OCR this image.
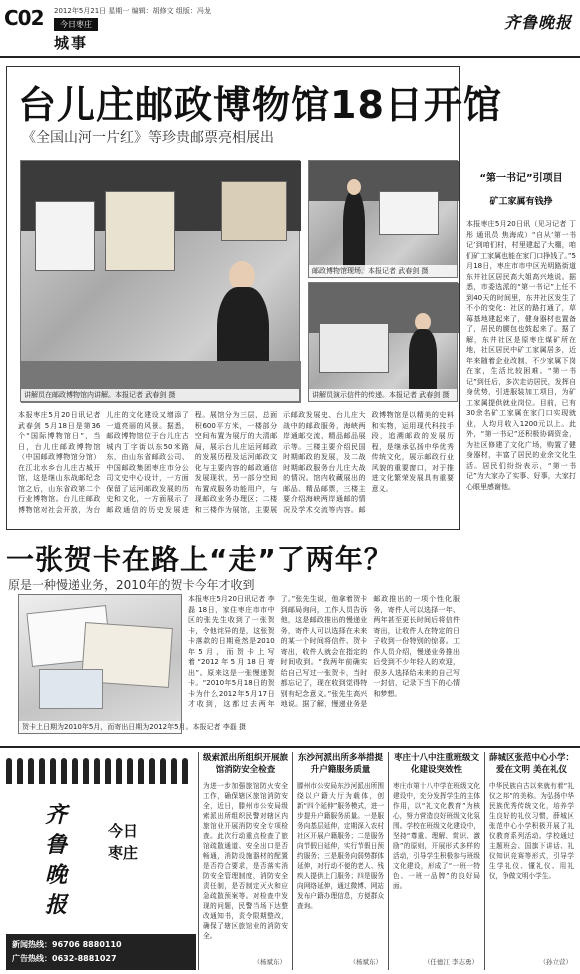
C02 2012年5月21日 星期一 编辑：胡修文 组版：冯龙
今日枣庄
城事
齐鲁晚报
台儿庄邮政博物馆18日开馆
《全国山河一片红》等珍贵邮票亮相展出
讲解员在邮政博物馆内讲解。本报记者 武春剑 摄
邮政博物馆现场。本报记者 武春剑 摄
讲解员演示信件的传递。本报记者 武春剑 摄
本报枣庄5月20日讯记者 武春剑 5月18日是第36个“国际博物馆日”，当日，台儿庄邮政博物馆（中国邮政博物馆分馆）在江北水乡台儿庄古城开馆，这是继山东战邮纪念馆之后，山东省政第二个行业博物馆。台儿庄邮政博物馆对社会开放，为台儿庄的文化建设又增添了一道亮丽的风景。据悉，邮政博物馆位于台儿庄古城内丁字街以东50米路东，由山东省邮政公司、中国邮政集团枣庄市分公司文史中心设计，一方面保留了运河邮政发展的历史和文化，一方面展示了邮政通信的历史发展进程。展馆分为三层，总面积600平方米，一楼部分空间布置为展厅的大清邮局，展示台儿庄运河邮政的发展历程及运河邮政文化与主要内容的邮政通信发展现状，另一部分空间布置成服务功能用户，与现邮政业务办理区；二楼和三楼作为展馆，主要展示邮政发展史、台儿庄大战中的邮政服务，海峡两岸通邮交流、精品邮品展示等。三楼主要介绍民国时期邮政的发展，及二战时期邮政服务台儿庄大战的情况。馆内收藏展出的邮品、精品邮票，三楼主要介绍海峡两岸通邮的情况及学术交流等内容。邮政博物馆是以精美的史料和实物，运用现代科技手段，追溯邮政的发展历程，是继承弘扬中华优秀传统文化，展示邮政行业风貌的重要窗口，对于推进文化繁荣发展具有重要意义。
“第一书记”引项目
矿工家属有钱挣
本报枣庄5月20日讯（见习记者 丁彤 通讯员 焦海成）“自从‘第一书记’到咱们村，村里建起了大棚，咱们矿工家属也能在家门口挣钱了。”5月18日，枣庄市市中区光明路街道东井社区居民高大姐高兴地说。据悉，市委选派的“第一书记”上任不到40天的时间里，东井社区发生了不小的变化：社区的路打通了，草莓基地建起来了，健身器材也置备了，居民的腰包也鼓起来了。据了解，东井社区是原枣庄煤矿所在地，社区居民中矿工家属居多，近年来随着企业改制，不少家属下岗在家，生活比较困难。“第一书记”到任后，多次走访居民，发挥自身优势，引进服装加工项目，为矿工家属提供就业岗位。目前，已有30余名矿工家属在家门口实现就业，人均月收入1200元以上。此外，“第一书记”还积极协调资金，为社区修建了文化广场，购置了健身器材，丰富了居民的业余文化生活。居民们纷纷表示，“第一书记”为大家办了实事、好事，大家打心眼里感谢他。
一张贺卡在路上“走”了两年？
原是一种慢递业务，2010年的贺卡今年才收到
贺卡上日期为2010年5月，而寄出日期为2012年5月。本报记者 李磊 摄
本报枣庄5月20日讯记者 李磊 18日，家住枣庄市市中区的张先生收到了一张贺卡，令他诧异的是，这张贺卡落款的日期竟然是2010年5月，而贺卡上写着“2012年5月18日寄出”。原来这是一张慢递贺卡。“2010年5月18日的贺卡为什么2012年5月17日才收到，这都过去两年了。”张先生说，他拿着贺卡到邮局询问，工作人员告诉他，这是邮政推出的慢递业务，寄件人可以选择在未来的某一个时间将信件、贺卡寄出，收件人就会在指定的时间收到。“我两年前确实给自己写过一张贺卡，当时都忘记了，现在收到觉得特别有纪念意义。”张先生高兴地说。据了解，慢递业务是邮政推出的一项个性化服务，寄件人可以选择一年、两年甚至更长时间后将信件寄出，让收件人在特定的日子收到一份特别的惊喜。工作人员介绍，慢递业务推出后受到不少年轻人的欢迎，很多人选择给未来的自己写一封信，记录下当下的心情和梦想。
齐鲁晚报
今日枣庄
新闻热线：96706 8880110
广告热线：0632-8881027
级索派出所组织开展旅馆消防安全检查
为进一步加强旅馆防火安全工作，确保辖区旅馆消防安全，近日，滕州市公安局级索派出所组织民警对辖区内旅馆业开展消防安全专项检查。此次行动重点检查了旅馆疏散通道、安全出口是否畅通，消防设施器材的配置是否符合要求，是否落实消防安全管理制度，消防安全责任制，是否制定灭火和应急疏散预案等。对检查中发现的问题，民警当场下达整改通知书，责令限期整改，确保了辖区旅馆业的消防安全。
（杨斌东）
东沙河派出所多举措提升户籍服务质量
滕州市公安局东沙河派出所围绕以户籍大厅为载体，创新“四个延伸”服务模式，进一步提升户籍服务质量。一是服务向基层延伸，定期深入农村社区开展户籍服务；二是服务向节假日延伸，实行节假日预约服务；三是服务向弱势群体延伸，对行动不便的老人、残疾人提供上门服务；四是服务向网络延伸，通过微博、网站发布户籍办理信息，方便群众查询。
（杨斌东）
枣庄十八中注重班级文化建设突效性
枣庄市第十八中学在班级文化建设中，充分发挥学生的主体作用，以“礼文化教育”为核心，努力营造良好班级文化氛围。学校在班级文化建设中，坚持“尊重、理解、赏识、激励”的原则，开展形式多样的活动，引导学生积极参与班级文化建设，形成了“一班一特色、一班一品牌”的良好局面。
（任德江 李志勇）
薛城区张范中心小学：爱在文明 美在礼仪
中华民族自古以来就有着“礼仪之邦”的美称。为弘扬中华民族优秀传统文化，培养学生良好的礼仪习惯，薛城区张范中心小学积极开展了礼仪教育系列活动。学校通过主题班会、国旗下讲话、礼仪知识竞赛等形式，引导学生学礼仪、懂礼仪、用礼仪，争做文明小学生。
（孙立营）
